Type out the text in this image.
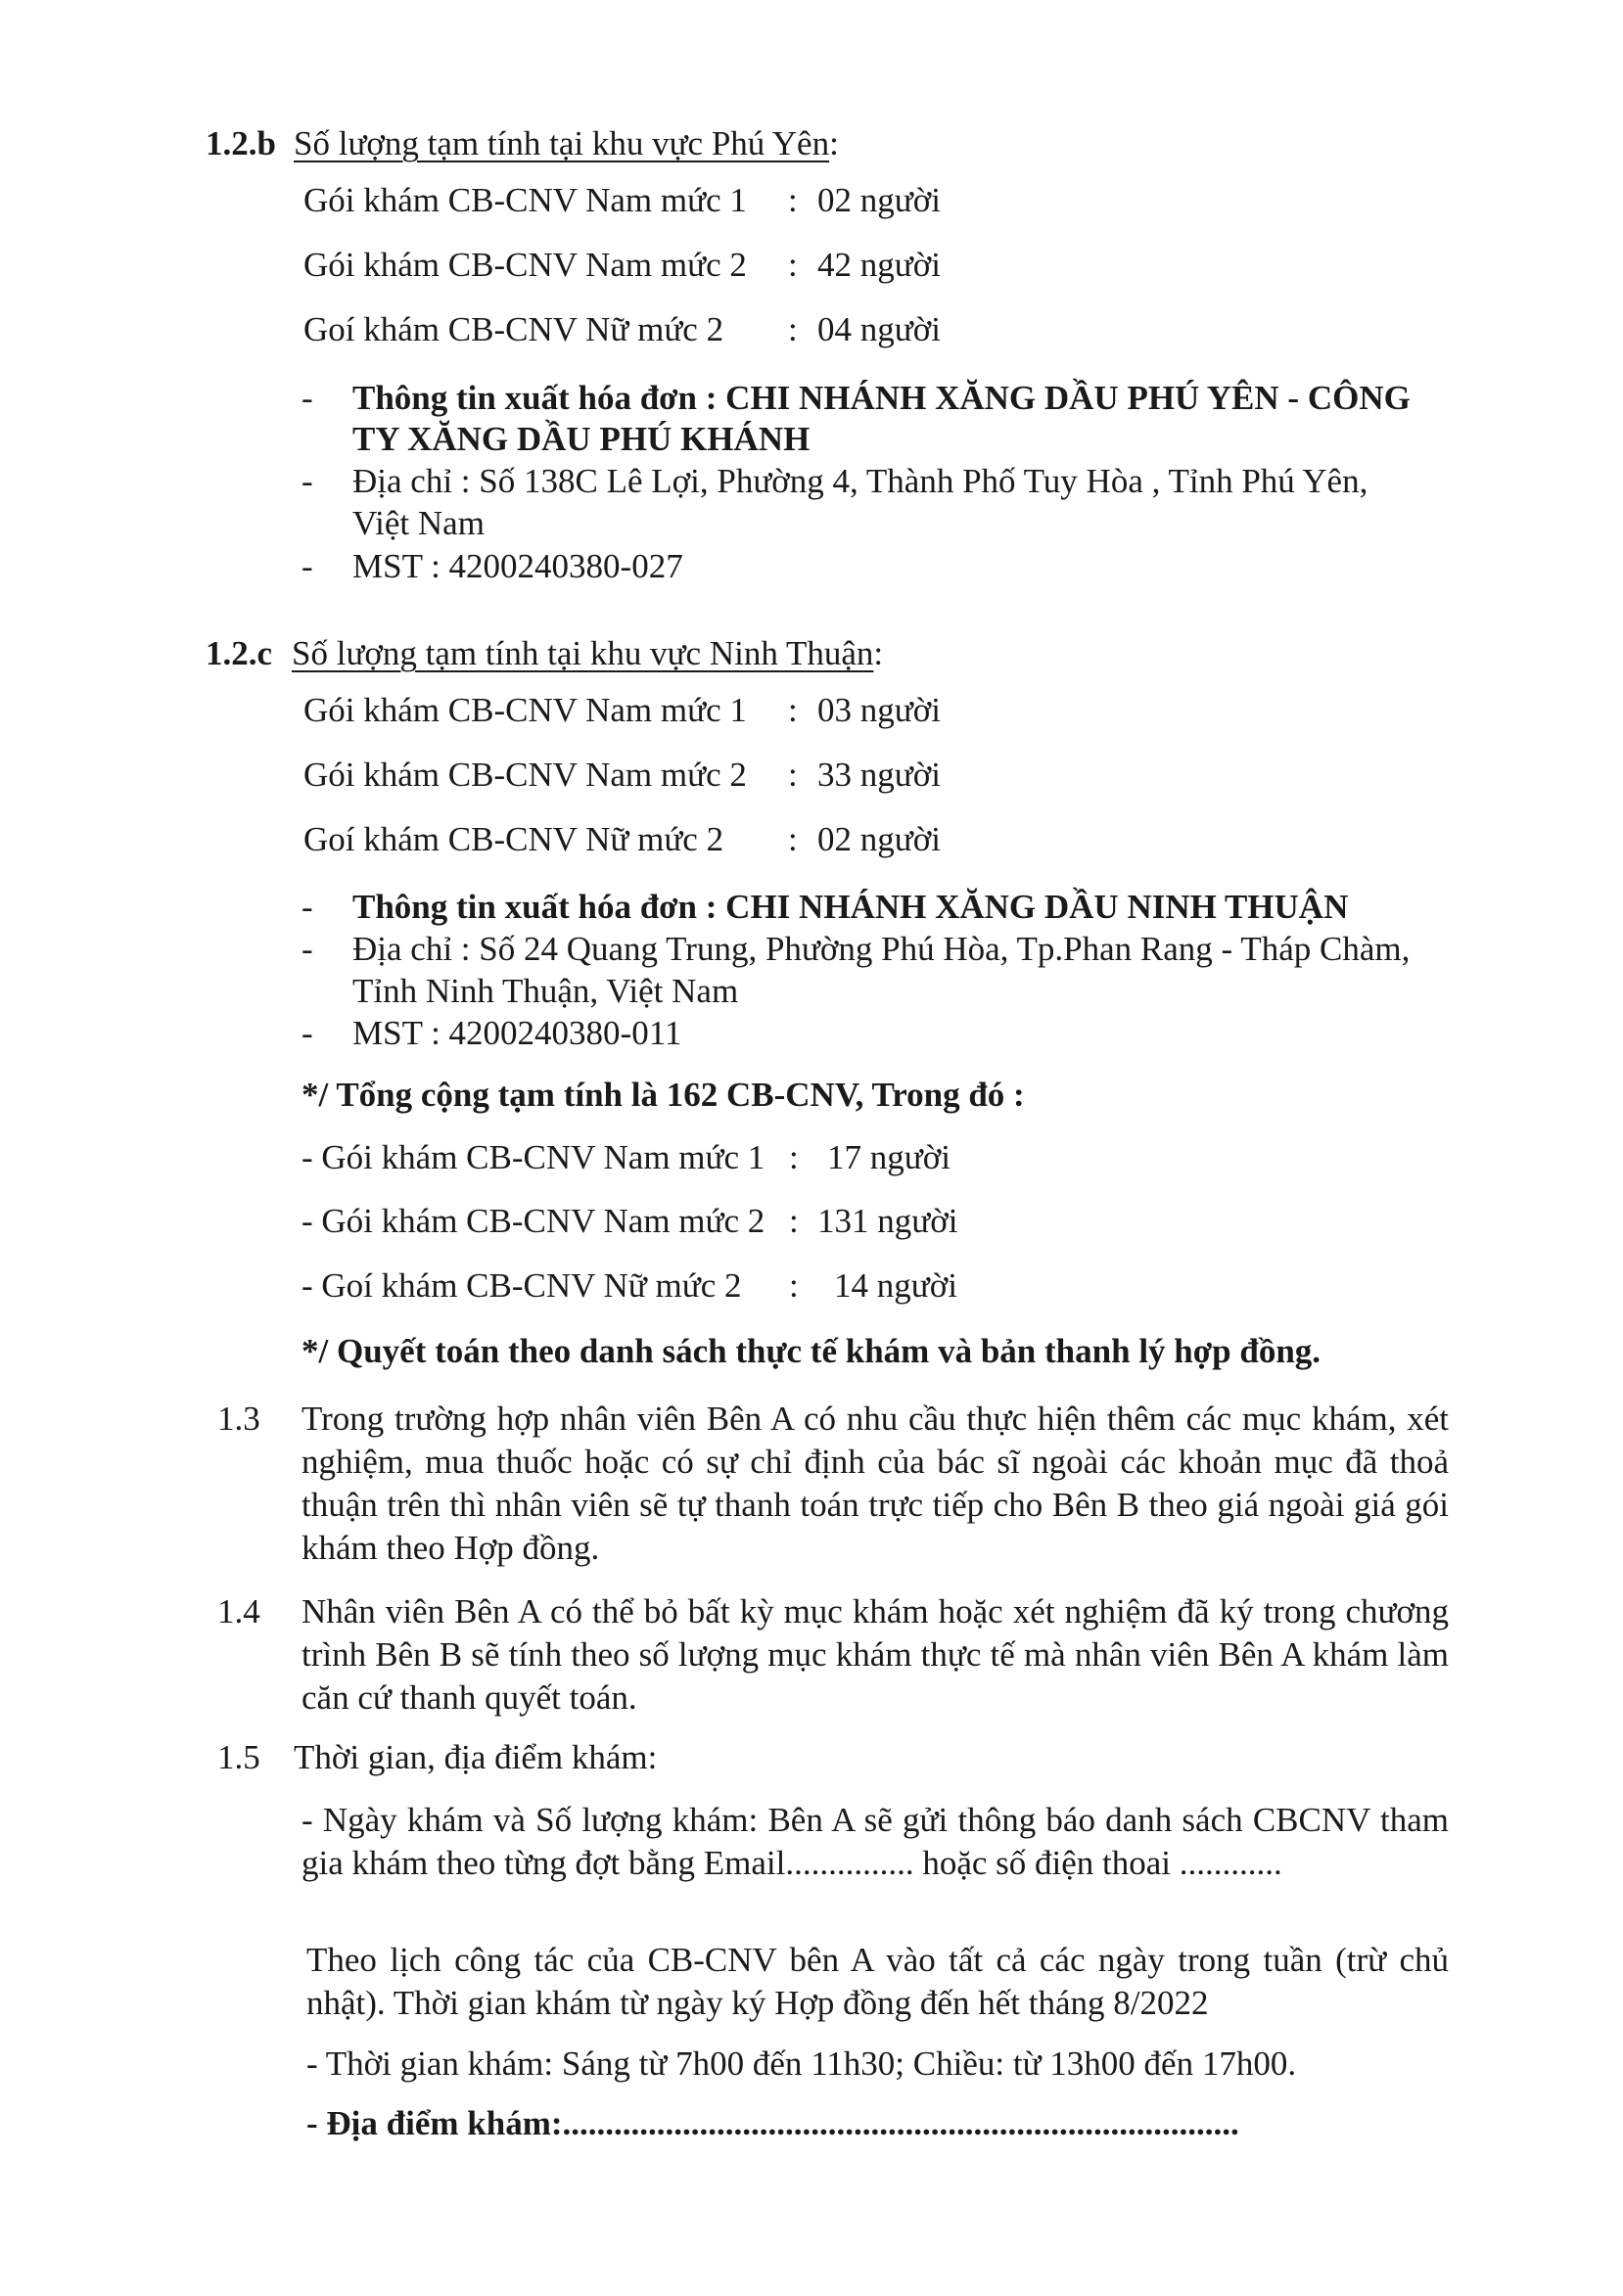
1.2.b Số lượng tạm tính tại khu vực Phú Yên:
Gói khám CB-CNV Nam mức 1 : 02 người
Gói khám CB-CNV Nam mức 2 : 42 người
Goí khám CB-CNV Nữ mức 2 : 04 người
- Thông tin xuất hóa đơn : CHI NHÁNH XĂNG DẦU PHÚ YÊN - CÔNG
TY XĂNG DẦU PHÚ KHÁNH
- Địa chỉ : Số 138C Lê Lợi, Phường 4, Thành Phố Tuy Hòa , Tỉnh Phú Yên,
Việt Nam
- MST : 4200240380-027
1.2.c Số lượng tạm tính tại khu vực Ninh Thuận:
Gói khám CB-CNV Nam mức 1 : 03 người
Gói khám CB-CNV Nam mức 2 : 33 người
Goí khám CB-CNV Nữ mức 2 : 02 người
- Thông tin xuất hóa đơn : CHI NHÁNH XĂNG DẦU NINH THUẬN
- Địa chỉ : Số 24 Quang Trung, Phường Phú Hòa, Tp.Phan Rang - Tháp Chàm,
Tỉnh Ninh Thuận, Việt Nam
- MST : 4200240380-011
*/ Tổng cộng tạm tính là 162 CB-CNV, Trong đó :
- Gói khám CB-CNV Nam mức 1 : 17 người
- Gói khám CB-CNV Nam mức 2 : 131 người
- Goí khám CB-CNV Nữ mức 2 : 14 người
*/ Quyết toán theo danh sách thực tế khám và bản thanh lý hợp đồng.
1.3 Trong trường hợp nhân viên Bên A có nhu cầu thực hiện thêm các mục khám, xét nghiệm, mua thuốc hoặc có sự chỉ định của bác sĩ ngoài các khoản mục đã thoả thuận trên thì nhân viên sẽ tự thanh toán trực tiếp cho Bên B theo giá ngoài giá gói khám theo Hợp đồng.
1.4 Nhân viên Bên A có thể bỏ bất kỳ mục khám hoặc xét nghiệm đã ký trong chương trình Bên B sẽ tính theo số lượng mục khám thực tế mà nhân viên Bên A khám làm căn cứ thanh quyết toán.
1.5 Thời gian, địa điểm khám:
- Ngày khám và Số lượng khám: Bên A sẽ gửi thông báo danh sách CBCNV tham gia khám theo từng đợt bằng Email............... hoặc số điện thoai ............
Theo lịch công tác của CB-CNV bên A vào tất cả các ngày trong tuần (trừ chủ nhật). Thời gian khám từ ngày ký Hợp đồng đến hết tháng 8/2022
- Thời gian khám: Sáng từ 7h00 đến 11h30; Chiều: từ 13h00 đến 17h00.
- Địa điểm khám:...............................................................................
